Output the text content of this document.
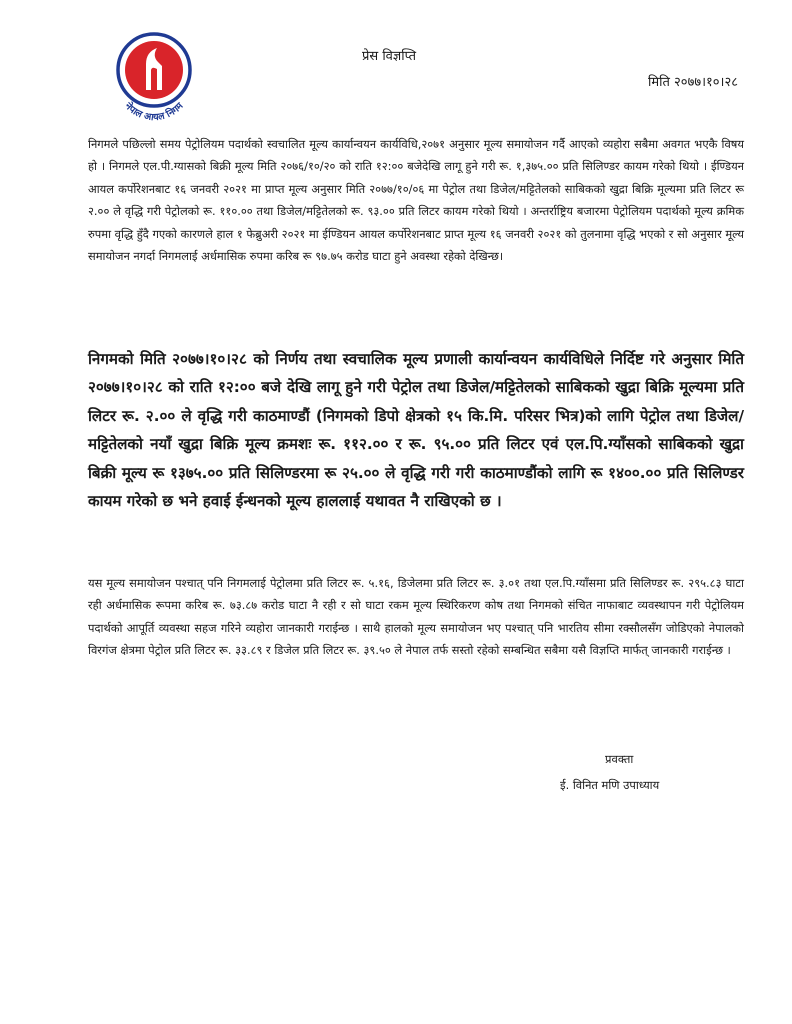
नेपाल आयल निगम
प्रेस विज्ञप्ति
मिति २०७७।१०।२८

निगमले पछिल्लो समय पेट्रोलियम पदार्थको स्वचालित मूल्य कार्यान्वयन कार्यविधि,२०७१ अनुसार मूल्य समायोजन गर्दै आएको व्यहोरा सबैमा अवगत भएकै विषय हो । निगमले एल.पी.ग्यासको बिक्री मूल्य मिति २०७६/१०/२० को राति १२:०० बजेदेखि लागू हुने गरी रू. १,३७५.०० प्रति सिलिण्डर कायम गरेको थियो । ईण्डियन आयल कर्पोरेशनबाट १६ जनवरी २०२१ मा प्राप्त मूल्य अनुसार मिति २०७७/१०/०६ मा पेट्रोल तथा डिजेल/मट्टितेलको साबिकको खुद्रा बिक्रि मूल्यमा प्रति लिटर रू २.०० ले वृद्धि गरी पेट्रोलको रू. ११०.०० तथा डिजेल/मट्टितेलको रू. ९३.०० प्रति लिटर कायम गरेको थियो । अन्तर्राष्ट्रिय बजारमा पेट्रोलियम पदार्थको मूल्य क्रमिक रुपमा वृद्धि हुँदै गएको कारणले हाल १ फेब्रुअरी २०२१ मा ईण्डियन आयल कर्पोरेशनबाट प्राप्त मूल्य १६ जनवरी २०२१ को तुलनामा वृद्धि भएको र सो अनुसार मूल्य समायोजन नगर्दा निगमलाई अर्धमासिक रुपमा करिब रू ९७.७५ करोड घाटा हुने अवस्था रहेको देखिन्छ।

निगमको मिति २०७७।१०।२८ को निर्णय तथा स्वचालिक मूल्य प्रणाली कार्यान्वयन कार्यविधिले निर्दिष्ट गरे अनुसार मिति २०७७।१०।२८ को राति १२:०० बजे देखि लागू हुने गरी पेट्रोल तथा डिजेल/मट्टितेलको साबिकको खुद्रा बिक्रि मूल्यमा प्रति लिटर रू. २.०० ले वृद्धि गरी काठमाण्डौं (निगमको डिपो क्षेत्रको १५ कि.मि. परिसर भित्र)को लागि पेट्रोल तथा डिजेल/मट्टितेलको नयाँ खुद्रा बिक्रि मूल्य क्रमशः रू. ११२.०० र रू. ९५.०० प्रति लिटर एवं एल.पि.ग्याँसको साबिकको खुद्रा बिक्री मूल्य रू १३७५.०० प्रति सिलिण्डरमा रू २५.०० ले वृद्धि गरी गरी काठमाण्डौंको लागि रू १४००.०० प्रति सिलिण्डर कायम गरेको छ भने हवाई ईन्धनको मूल्य हाललाई यथावत नै राखिएको छ ।

यस मूल्य समायोजन पश्चात् पनि निगमलाई पेट्रोलमा प्रति लिटर रू. ५.१६, डिजेलमा प्रति लिटर रू. ३.०१ तथा एल.पि.ग्याँसमा प्रति सिलिण्डर रू. २९५.८३ घाटा रही अर्धमासिक रूपमा करिब रू. ७३.८७ करोड घाटा नै रही र सो घाटा रकम मूल्य स्थिरिकरण कोष तथा निगमको संचित नाफाबाट व्यवस्थापन गरी पेट्रोलियम पदार्थको आपूर्ति व्यवस्था सहज गरिने व्यहोरा जानकारी गराईन्छ । साथै हालको मूल्य समायोजन भए पश्चात् पनि भारतिय सीमा रक्सौलसँग जोडिएको नेपालको विरगंज क्षेत्रमा पेट्रोल प्रति लिटर रू. ३३.८९ र डिजेल प्रति लिटर रू. ३९.५० ले नेपाल तर्फ सस्तो रहेको सम्बन्धित सबैमा यसै विज्ञप्ति मार्फत् जानकारी गराईन्छ ।

प्रवक्ता
ई. विनित मणि उपाध्याय
